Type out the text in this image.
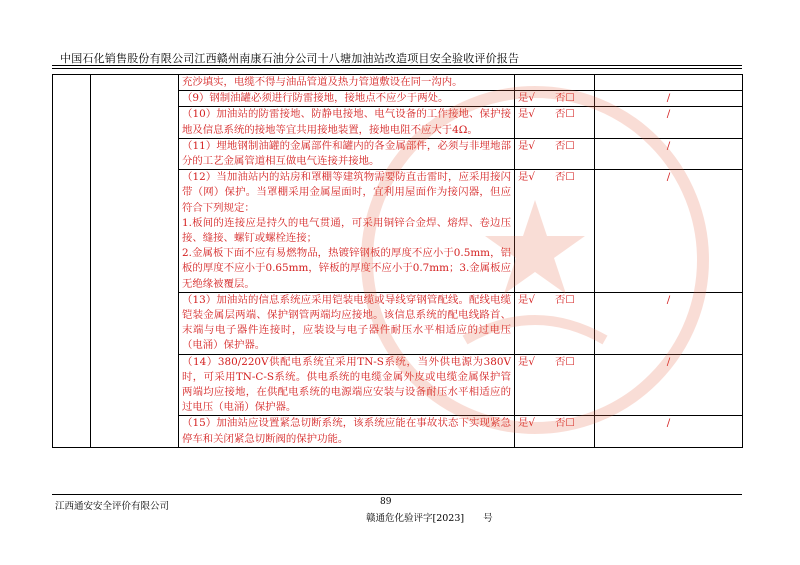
中国石化销售股份有限公司江西赣州南康石油分公司十八塘加油站改造项目安全验收评价报告
		充沙填实，电缆不得与油品管道及热力管道敷设在同一沟内。		
		（9）钢制油罐必须进行防雷接地，接地点不应少于两处。	是√ 否☐	/
		（10）加油站的防雷接地、防静电接地、电气设备的工作接地、保护接地及信息系统的接地等宜共用接地装置，接地电阻不应大于4Ω。	是√ 否☐	/
		（11）埋地钢制油罐的金属部件和罐内的各金属部件，必须与非埋地部分的工艺金属管道相互做电气连接并接地。	是√ 否☐	/
		（12）当加油站内的站房和罩棚等建筑物需要防直击雷时，应采用接闪带（网）保护。当罩棚采用金属屋面时，宜利用屋面作为接闪器，但应符合下列规定：
1.板间的连接应是持久的电气贯通，可采用铜锌合金焊、熔焊、卷边压接、缝接、螺钉或螺栓连接；
2.金属板下面不应有易燃物品，热镀锌钢板的厚度不应小于0.5mm，铝板的厚度不应小于0.65mm，锌板的厚度不应小于0.7mm；3.金属板应无绝缘被覆层。	是√ 否☐	/
		（13）加油站的信息系统应采用铠装电缆或导线穿钢管配线。配线电缆铠装金属层两端、保护钢管两端均应接地。该信息系统的配电线路首、末端与电子器件连接时，应装设与电子器件耐压水平相适应的过电压（电涌）保护器。	是√ 否☐	/
		（14）380/220V供配电系统宜采用TN-S系统，当外供电源为380V时，可采用TN-C-S系统。供电系统的电缆金属外皮或电缆金属保护管两端均应接地，在供配电系统的电源端应安装与设备耐压水平相适应的过电压（电涌）保护器。	是√ 否☐	/
		（15）加油站应设置紧急切断系统，该系统应能在事故状态下实现紧急停车和关闭紧急切断阀的保护功能。	是√ 否☐	/
江西通安安全评价有限公司	89
赣通危化验评字[2023]　　号
